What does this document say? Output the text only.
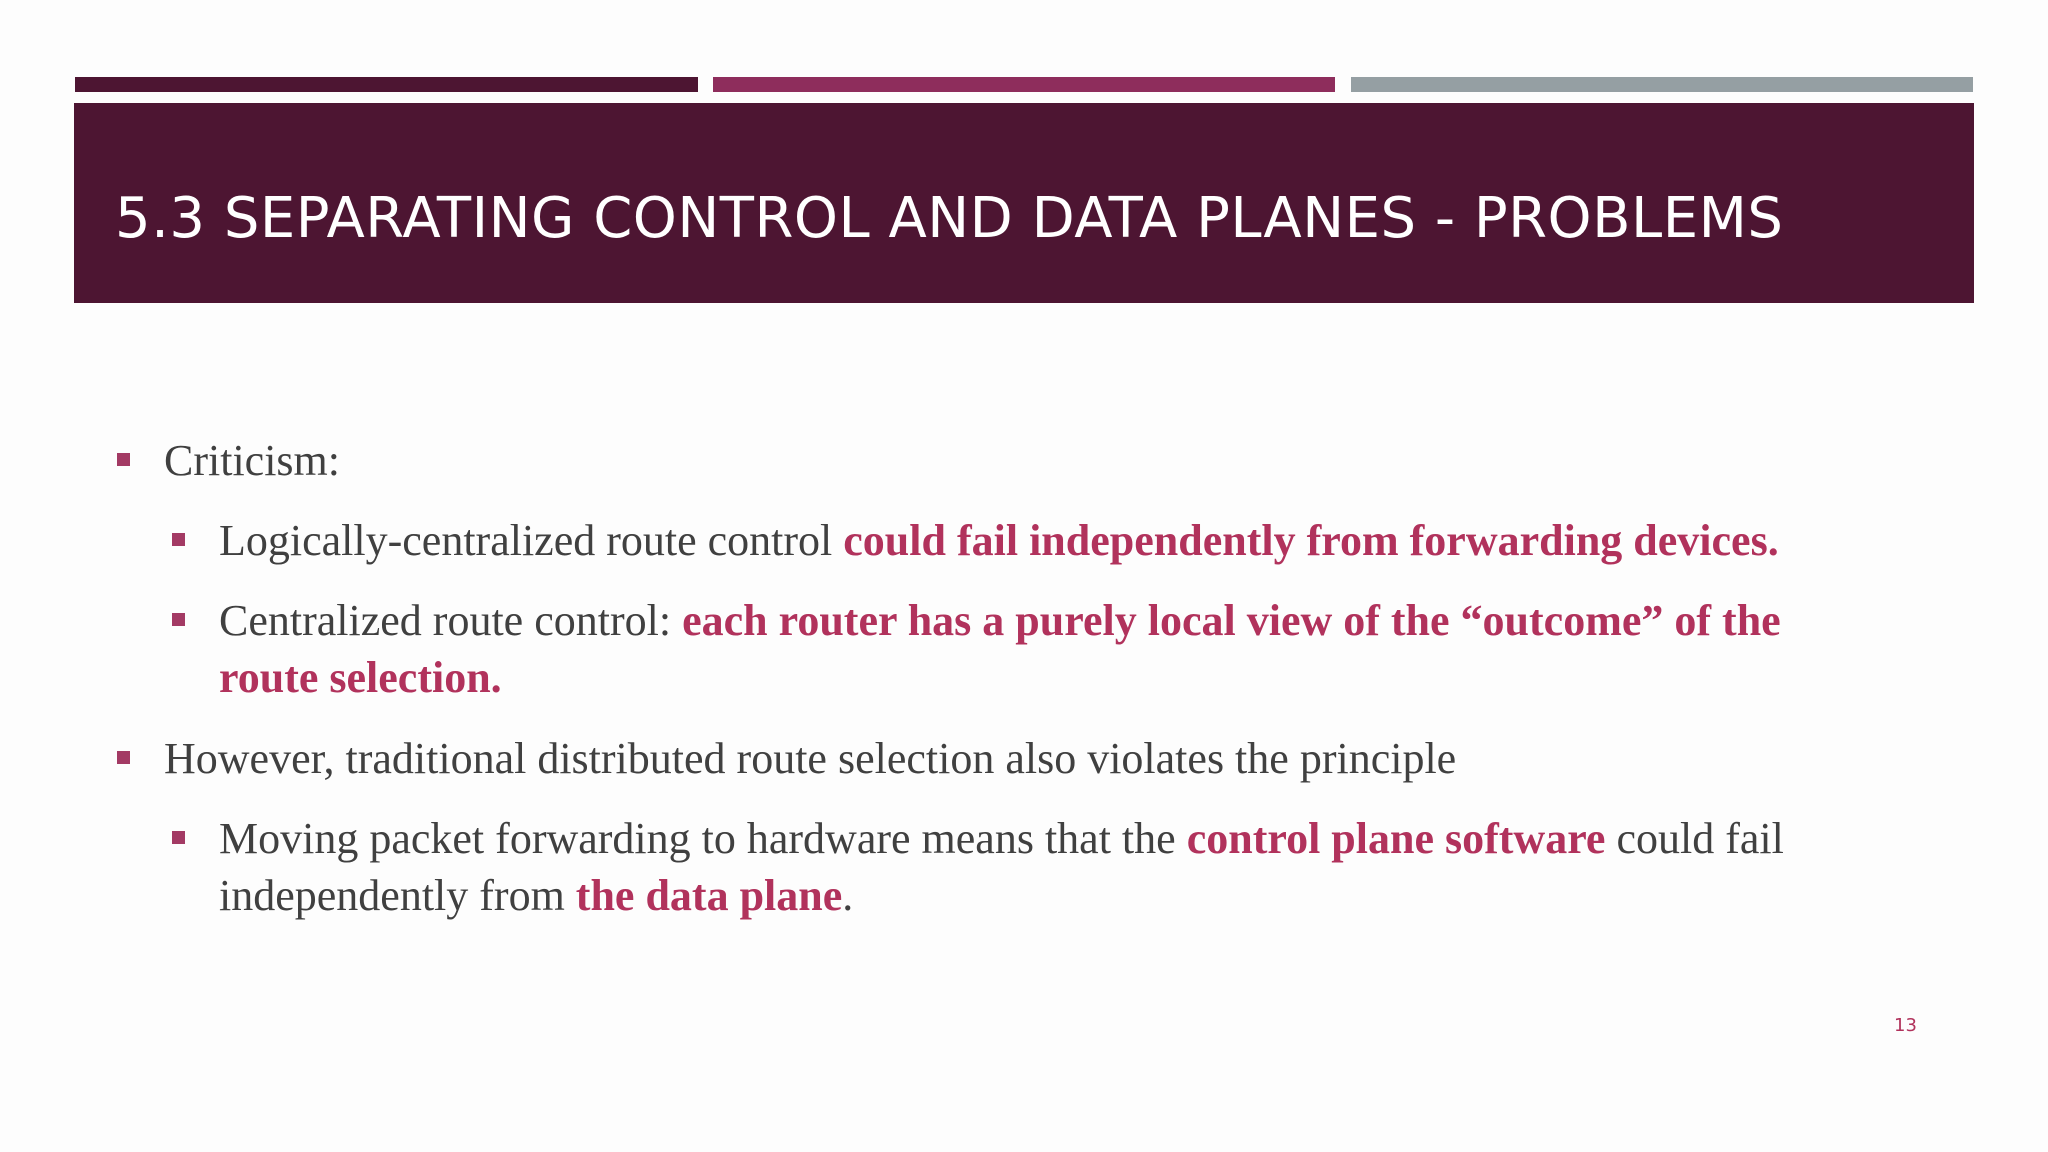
5.3 SEPARATING CONTROL AND DATA PLANES - PROBLEMS
Criticism:
Logically-centralized route control could fail independently from forwarding devices.
Centralized route control: each router has a purely local view of the “outcome” of the
route selection.
However, traditional distributed route selection also violates the principle
Moving packet forwarding to hardware means that the control plane software could fail
independently from the data plane.
13
